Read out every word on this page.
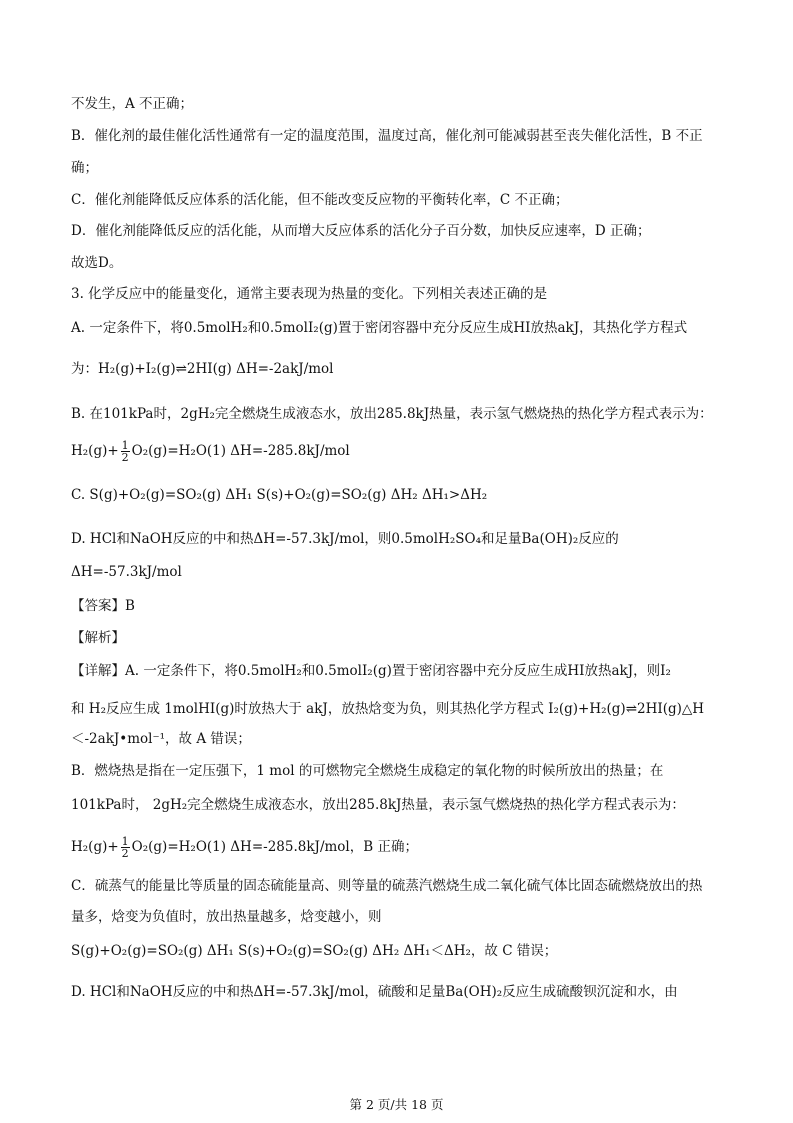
不发生，A 不正确；
B．催化剂的最佳催化活性通常有一定的温度范围，温度过高，催化剂可能减弱甚至丧失催化活性，B 不正
确；
C．催化剂能降低反应体系的活化能，但不能改变反应物的平衡转化率，C 不正确；
D．催化剂能降低反应的活化能，从而增大反应体系的活化分子百分数，加快反应速率，D 正确；
故选D。
3. 化学反应中的能量变化，通常主要表现为热量的变化。下列相关表述正确的是
A. 一定条件下，将0.5molH₂和0.5molI₂(g)置于密闭容器中充分反应生成HI放热akJ，其热化学方程式
为：H₂(g)+I₂(g)⇌2HI(g) ΔH=-2akJ/mol
B. 在101kPa时，2gH₂完全燃烧生成液态水，放出285.8kJ热量，表示氢气燃烧热的热化学方程式表示为：
$H_2(g)+ \frac{1}{2} O_2(g)=H_2O(1)$ ΔH=-285.8kJ/mol
C. S(g)+O₂(g)=SO₂(g) ΔH₁ S(s)+O₂(g)=SO₂(g) ΔH₂ ΔH₁>ΔH₂
D. HCl和NaOH反应的中和热ΔH=-57.3kJ/mol，则0.5molH₂SO₄和足量Ba(OH)₂反应的
ΔH=-57.3kJ/mol
【答案】B
【解析】
【详解】A. 一定条件下，将0.5molH₂和0.5molI₂(g)置于密闭容器中充分反应生成HI放热akJ，则I₂
和 H₂反应生成 1molHI(g)时放热大于 akJ，放热焓变为负，则其热化学方程式 I₂(g)+H₂(g)⇌2HI(g)△H
＜-2akJ•mol⁻¹，故 A 错误；
B．燃烧热是指在一定压强下，1 mol 的可燃物完全燃烧生成稳定的氧化物的时候所放出的热量；在
101kPa时， 2gH₂完全燃烧生成液态水，放出285.8kJ热量，表示氢气燃烧热的热化学方程式表示为：
$H_2(g)+ \frac{1}{2} O_2(g)=H_2O(1)$ ΔH=-285.8kJ/mol，B 正确；
C．硫蒸气的能量比等质量的固态硫能量高、则等量的硫蒸汽燃烧生成二氧化硫气体比固态硫燃烧放出的热
量多，焓变为负值时，放出热量越多，焓变越小，则
S(g)+O₂(g)=SO₂(g) ΔH₁ S(s)+O₂(g)=SO₂(g) ΔH₂ ΔH₁＜ΔH₂，故 C 错误；
D. HCl和NaOH反应的中和热ΔH=-57.3kJ/mol，硫酸和足量Ba(OH)₂反应生成硫酸钡沉淀和水，由
第 2 页/共 18 页
